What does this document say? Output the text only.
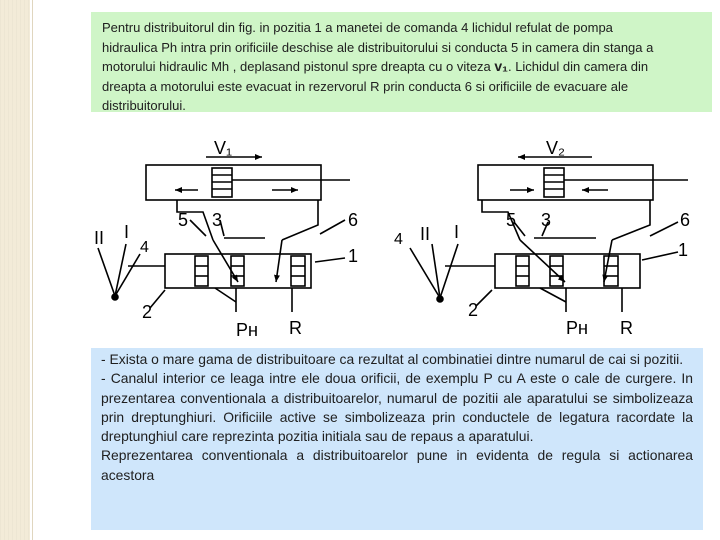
Pentru distribuitorul din fig. in pozitia 1 a manetei de comanda 4 lichidul refulat de pompa
hidraulica Ph intra prin orificiile deschise ale distribuitorului si conducta 5 in camera din stanga a
motorului hidraulic Mh , deplasand pistonul spre dreapta cu o viteza v₁. Lichidul din camera din
dreapta a motorului este evacuat in rezervorul R prin conducta 6 si orificiile de evacuare ale
distribuitorului.
V₁
II I
4
5 3	6
1
2
Pʜ R
V₂
4 II I
5 3	6
1
2
Pʜ R

- Exista o mare gama de distribuitoare ca rezultat al combinatiei dintre numarul de cai si pozitii.

- Canalul interior ce leaga intre ele doua orificii, de exemplu P cu A este o cale de curgere. In prezentarea conventionala a distribuitoarelor, numarul de pozitii ale aparatului se simbolizeaza prin dreptunghiuri. Orificiile active se simbolizeaza prin conductele de legatura racordate la dreptunghiul care reprezinta pozitia initiala sau de repaus a aparatului.

Reprezentarea conventionala a distribuitoarelor pune in evidenta de regula si actionarea acestora
